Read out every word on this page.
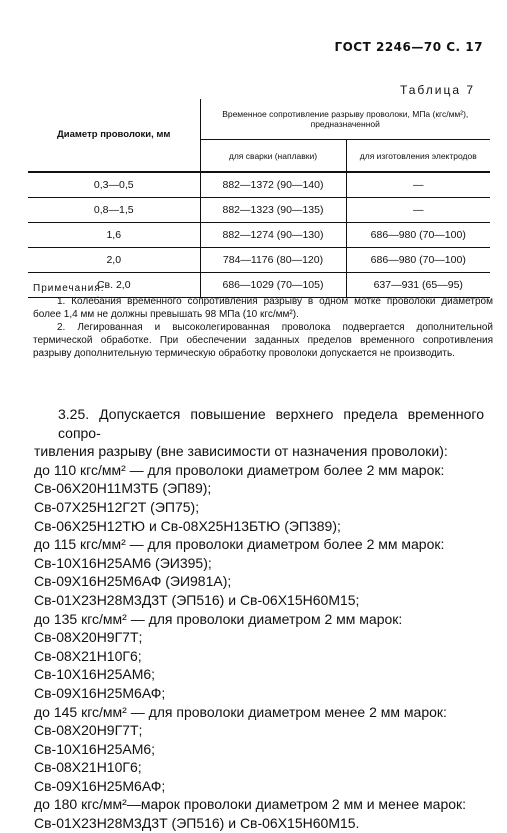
ГОСТ 2246—70 С. 17
Таблица 7
Диаметр проволоки, мм	Временное сопротивление разрыву проволоки, МПа (кгс/мм²), предназначенной	
	для сварки (наплавки)	для изготовления электродов
0,3—0,5	882—1372 (90—140)	—
0,8—1,5	882—1323 (90—135)	—
1,6	882—1274 (90—130)	686—980 (70—100)
2,0	784—1176 (80—120)	686—980 (70—100)
Св. 2,0	686—1029 (70—105)	637—931 (65—95)
Примечания:

1. Колебания временного сопротивления разрыву в одном мотке проволоки диаметром более 1,4 мм не должны превышать 98 МПа (10 кгс/мм²).

2. Легированная и высоколегированная проволока подвергается дополнительной термической обработке. При обеспечении заданных пределов временного сопротивления разрыву дополнительную термическую обработку проволоки допускается не производить.

3.25. Допускается повышение верхнего предела временного сопро-
тивления разрыву (вне зависимости от назначения проволоки):
до 110 кгс/мм² — для проволоки диаметром более 2 мм марок:
Св-06Х20Н11М3ТБ (ЭП89);
Св-07Х25Н12Г2Т (ЭП75);
Св-06Х25Н12ТЮ и Св-08Х25Н13БТЮ (ЭП389);
до 115 кгс/мм² — для проволоки диаметром более 2 мм марок:
Св-10Х16Н25АМ6 (ЭИ395);
Св-09Х16Н25М6АФ (ЭИ981А);
Св-01Х23Н28М3Д3Т (ЭП516) и Св-06Х15Н60М15;
до 135 кгс/мм² — для проволоки диаметром 2 мм марок:
Св-08Х20Н9Г7Т;
Св-08Х21Н10Г6;
Св-10Х16Н25АМ6;
Св-09Х16Н25М6АФ;
до 145 кгс/мм² — для проволоки диаметром менее 2 мм марок:
Св-08Х20Н9Г7Т;
Св-10Х16Н25АМ6;
Св-08Х21Н10Г6;
Св-09Х16Н25М6АФ;
до 180 кгс/мм²—марок проволоки диаметром 2 мм и менее марок:
Св-01Х23Н28М3Д3Т (ЭП516) и Св-06Х15Н60М15.
